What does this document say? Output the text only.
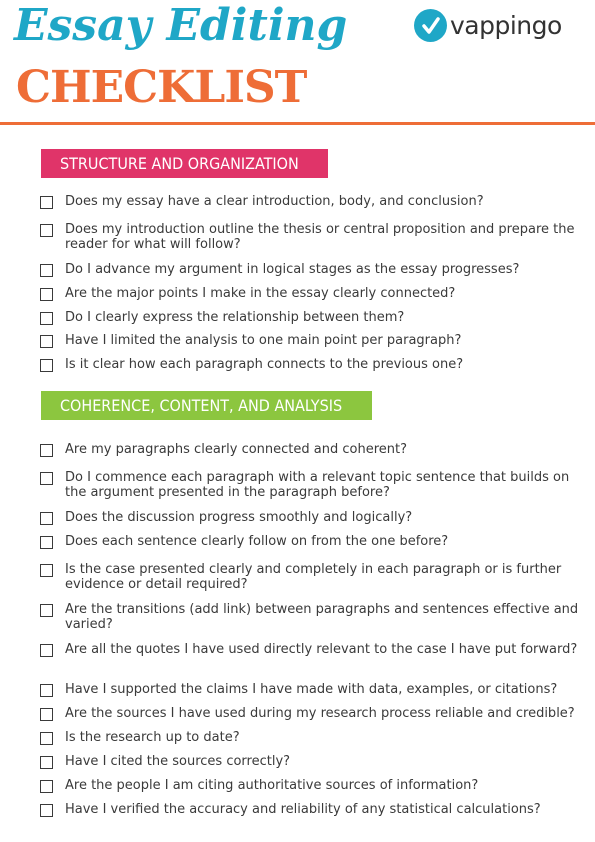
Essay Editing
CHECKLIST
vappingo
STRUCTURE AND ORGANIZATION
Does my essay have a clear introduction, body, and conclusion?
Does my introduction outline the thesis or central proposition and prepare the reader for what will follow?
Do I advance my argument in logical stages as the essay progresses?
Are the major points I make in the essay clearly connected?
Do I clearly express the relationship between them?
Have I limited the analysis to one main point per paragraph?
Is it clear how each paragraph connects to the previous one?
COHERENCE, CONTENT, AND ANALYSIS
Are my paragraphs clearly connected and coherent?
Do I commence each paragraph with a relevant topic sentence that builds on the argument presented in the paragraph before?
Does the discussion progress smoothly and logically?
Does each sentence clearly follow on from the one before?
Is the case presented clearly and completely in each paragraph or is further evidence or detail required?
Are the transitions (add link) between paragraphs and sentences effective and varied?
Are all the quotes I have used directly relevant to the case I have put forward?
Have I supported the claims I have made with data, examples, or citations?
Are the sources I have used during my research process reliable and credible?
Is the research up to date?
Have I cited the sources correctly?
Are the people I am citing authoritative sources of information?
Have I verified the accuracy and reliability of any statistical calculations?
